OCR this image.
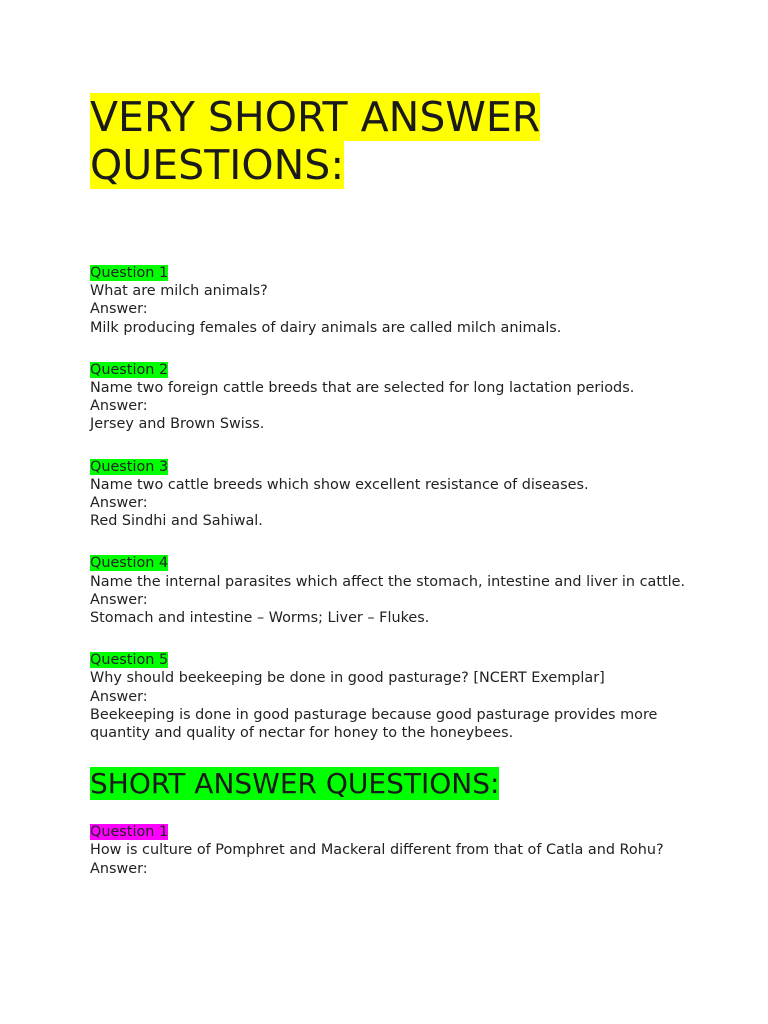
VERY SHORT ANSWER QUESTIONS:
Question 1
What are milch animals?
Answer:
Milk producing females of dairy animals are called milch animals.
Question 2
Name two foreign cattle breeds that are selected for long lactation periods.
Answer:
Jersey and Brown Swiss.
Question 3
Name two cattle breeds which show excellent resistance of diseases.
Answer:
Red Sindhi and Sahiwal.
Question 4
Name the internal parasites which affect the stomach, intestine and liver in cattle.
Answer:
Stomach and intestine – Worms; Liver – Flukes.
Question 5
Why should beekeeping be done in good pasturage? [NCERT Exemplar]
Answer:
Beekeeping is done in good pasturage because good pasturage provides more quantity and quality of nectar for honey to the honeybees.
SHORT ANSWER QUESTIONS:
Question 1
How is culture of Pomphret and Mackeral different from that of Catla and Rohu?
Answer:
